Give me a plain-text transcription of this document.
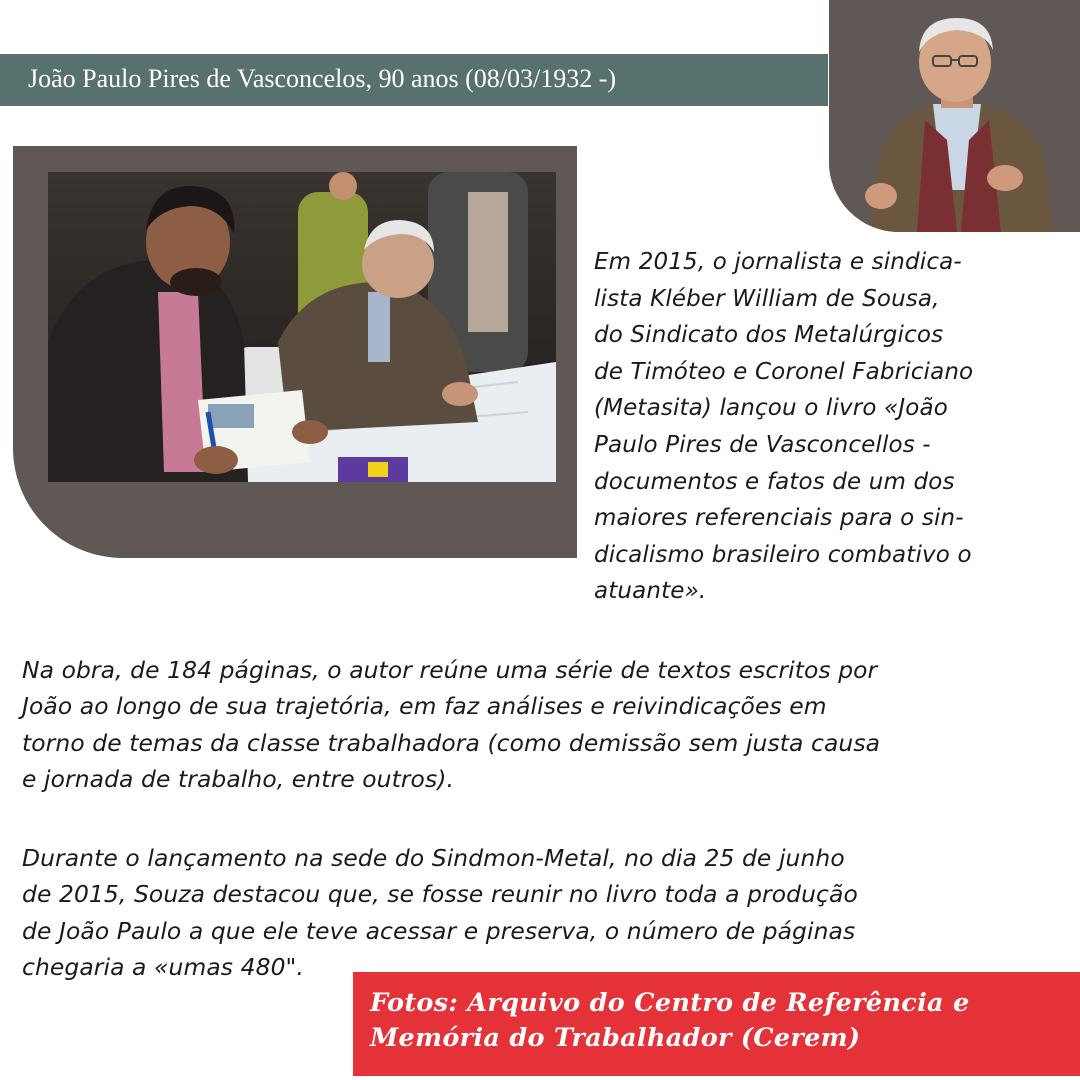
João Paulo Pires de Vasconcelos, 90 anos (08/03/1932 -)

Em 2015, o jornalista e sindica-
lista Kléber William de Sousa,
do Sindicato dos Metalúrgicos
de Timóteo e Coronel Fabriciano
(Metasita) lançou o livro «João
Paulo Pires de Vasconcellos -
documentos e fatos de um dos
maiores referenciais para o sin-
dicalismo brasileiro combativo o
atuante».

Na obra, de 184 páginas, o autor reúne uma série de textos escritos por
João ao longo de sua trajetória, em faz análises e reivindicações em
torno de temas da classe trabalhadora (como demissão sem justa causa
e jornada de trabalho, entre outros).

Durante o lançamento na sede do Sindmon-Metal, no dia 25 de junho
de 2015, Souza destacou que, se fosse reunir no livro toda a produção
de João Paulo a que ele teve acessar e preserva, o número de páginas
chegaria a «umas 480".

Fotos: Arquivo do Centro de Referência e
Memória do Trabalhador (Cerem)
